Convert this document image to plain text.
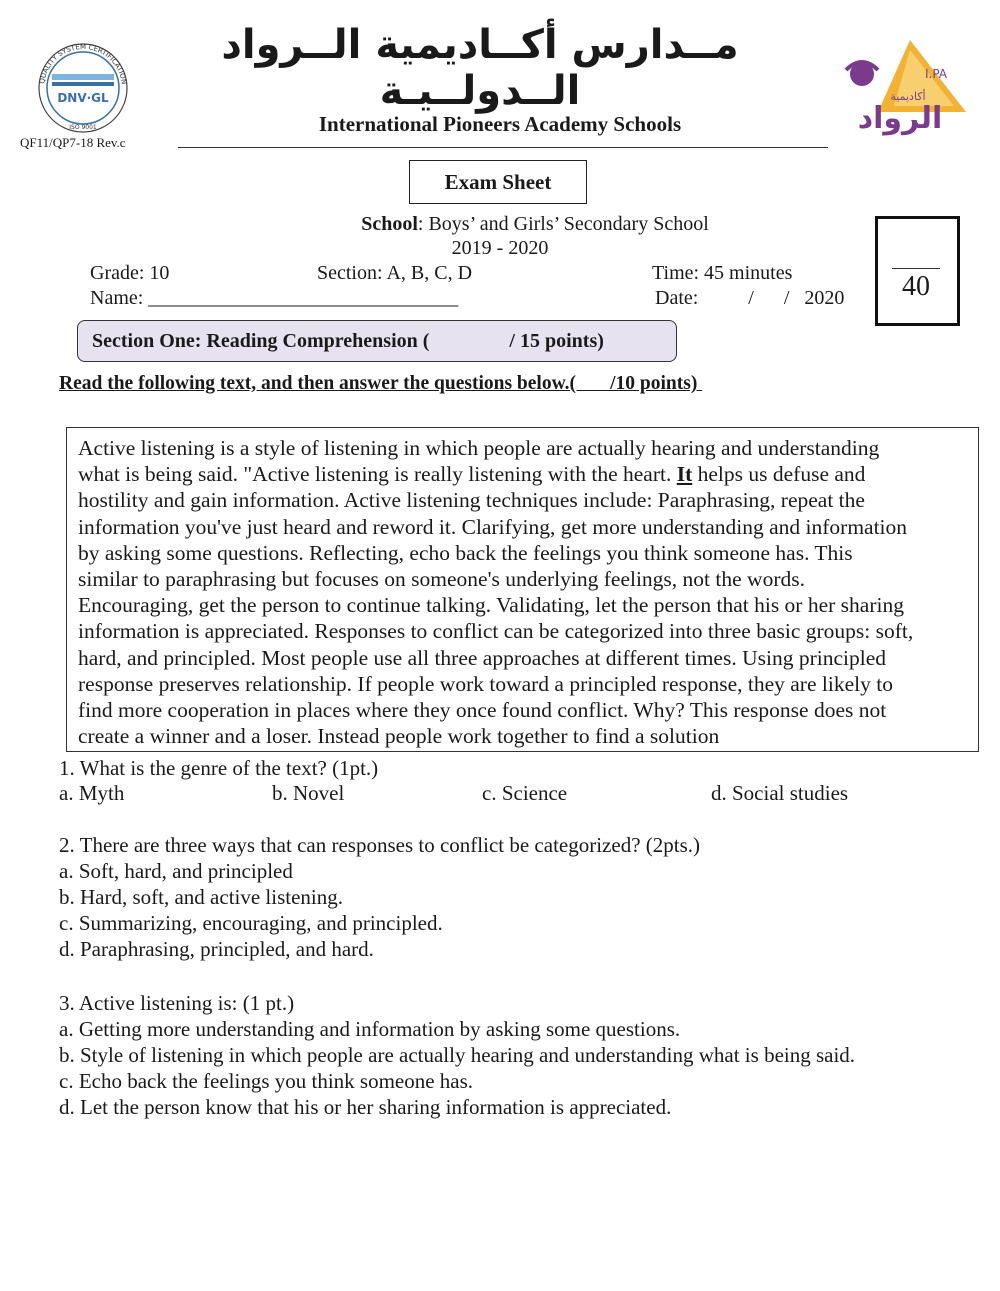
QUALITY SYSTEM CERTIFICATION
DNV·GL
ISO 9001
مــدارس أكــاديمية الــرواد الــدولــيـة
International Pioneers Academy Schools
QF11/QP7-18 Rev.c
I.PA
الرواد
أكاديمية
Exam Sheet
School: Boys’ and Girls’ Secondary School
2019 - 2020
Grade: 10	Section: A, B, C, D	Time: 45 minutes
Name: _______________________________	Date:          /      /   2020	40
Section One: Reading Comprehension (                / 15 points)
Read the following text, and then answer the questions below.(       /10 points)
Active listening is a style of listening in which people are actually hearing and understanding
what is being said. "Active listening is really listening with the heart. It helps us defuse and
hostility and gain information. Active listening techniques include: Paraphrasing, repeat the
information you've just heard and reword it. Clarifying, get more understanding and information
by asking some questions. Reflecting, echo back the feelings you think someone has. This
similar to paraphrasing but focuses on someone's underlying feelings, not the words.
Encouraging, get the person to continue talking. Validating, let the person that his or her sharing
information is appreciated. Responses to conflict can be categorized into three basic groups: soft,
hard, and principled. Most people use all three approaches at different times. Using principled
response preserves relationship. If people work toward a principled response, they are likely to
find more cooperation in places where they once found conflict. Why? This response does not
create a winner and a loser. Instead people work together to find a solution
1. What is the genre of the text? (1pt.)
a. Myth	b. Novel	c. Science	d. Social studies
2. There are three ways that can responses to conflict be categorized? (2pts.)
a. Soft, hard, and principled
b. Hard, soft, and active listening.
c. Summarizing, encouraging, and principled.
d. Paraphrasing, principled, and hard.
3. Active listening is: (1 pt.)
a. Getting more understanding and information by asking some questions.
b. Style of listening in which people are actually hearing and understanding what is being said.
c. Echo back the feelings you think someone has.
d. Let the person know that his or her sharing information is appreciated.
